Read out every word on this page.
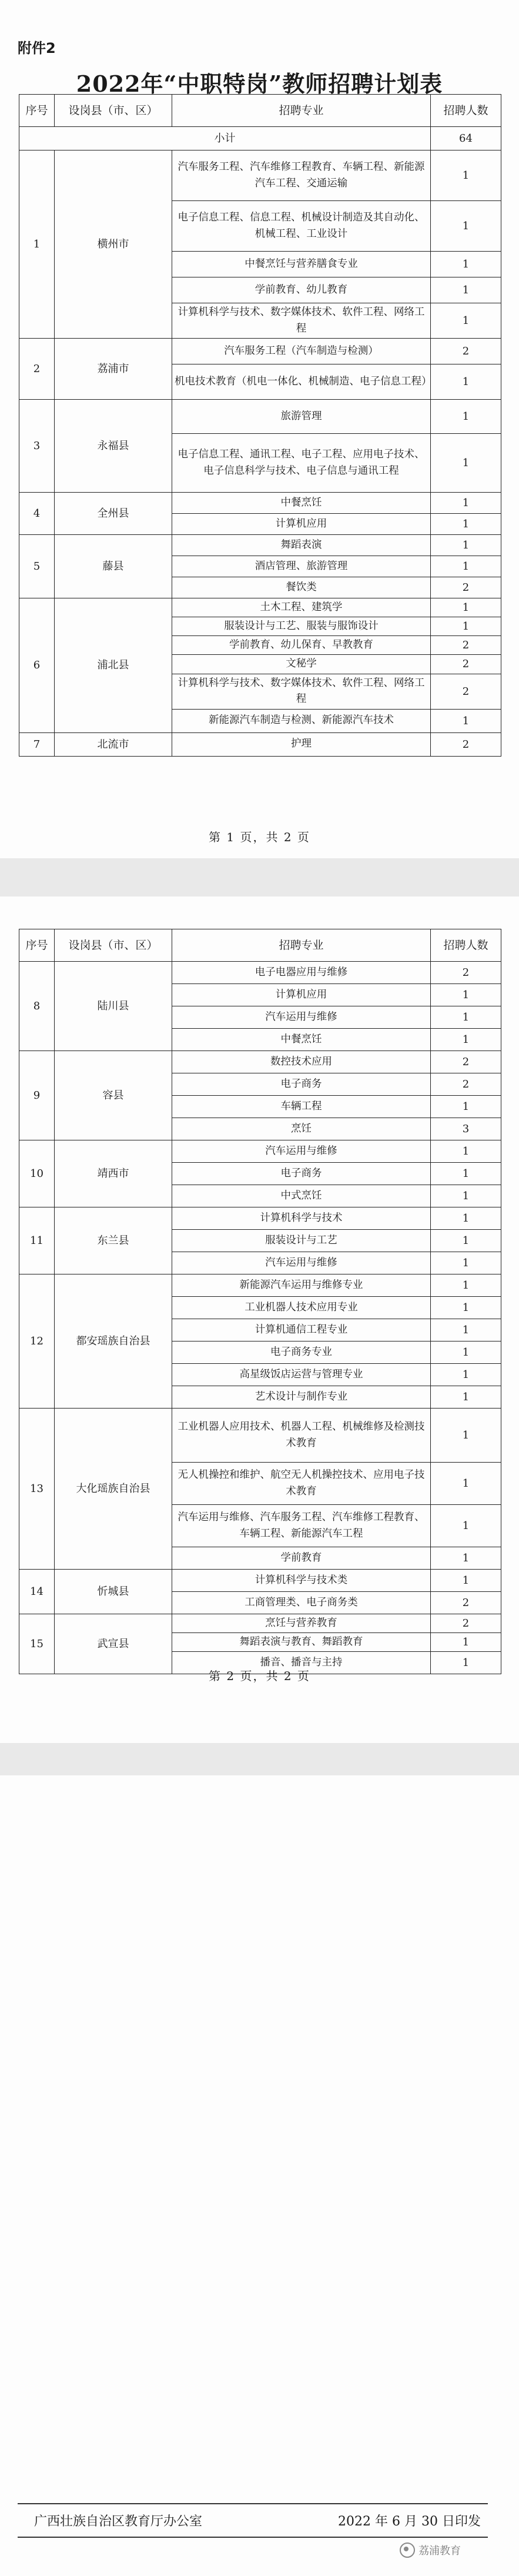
附件2
2022年“中职特岗”教师招聘计划表
序号	设岗县（市、区）	招聘专业	招聘人数
小计			64
1	横州市	汽车服务工程、汽车维修工程教育、车辆工程、新能源汽车工程、交通运输	1
		电子信息工程、信息工程、机械设计制造及其自动化、机械工程、工业设计	1
		中餐烹饪与营养膳食专业	1
		学前教育、幼儿教育	1
		计算机科学与技术、数字媒体技术、软件工程、网络工程	1
2	荔浦市	汽车服务工程（汽车制造与检测）	2
		机电技术教育（机电一体化、机械制造、电子信息工程）	1
3	永福县	旅游管理	1
		电子信息工程、通讯工程、电子工程、应用电子技术、电子信息科学与技术、电子信息与通讯工程	1
4	全州县	中餐烹饪	1
		计算机应用	1
5	藤县	舞蹈表演	1
		酒店管理、旅游管理	1
		餐饮类	2
6	浦北县	土木工程、建筑学	1
		服装设计与工艺、服装与服饰设计	1
		学前教育、幼儿保育、早教教育	2
		文秘学	2
		计算机科学与技术、数字媒体技术、软件工程、网络工程	2
		新能源汽车制造与检测、新能源汽车技术	1
7	北流市	护理	2
第 1 页，共 2 页
序号	设岗县（市、区）	招聘专业	招聘人数
8	陆川县	电子电器应用与维修	2
		计算机应用	1
		汽车运用与维修	1
		中餐烹饪	1
9	容县	数控技术应用	2
		电子商务	2
		车辆工程	1
		烹饪	3
10	靖西市	汽车运用与维修	1
		电子商务	1
		中式烹饪	1
11	东兰县	计算机科学与技术	1
		服装设计与工艺	1
		汽车运用与维修	1
12	都安瑶族自治县	新能源汽车运用与维修专业	1
		工业机器人技术应用专业	1
		计算机通信工程专业	1
		电子商务专业	1
		高星级饭店运营与管理专业	1
		艺术设计与制作专业	1
13	大化瑶族自治县	工业机器人应用技术、机器人工程、机械维修及检测技术教育	1
		无人机操控和维护、航空无人机操控技术、应用电子技术教育	1
		汽车运用与维修、汽车服务工程、汽车维修工程教育、车辆工程、新能源汽车工程	1
		学前教育	1
14	忻城县	计算机科学与技术类	1
		工商管理类、电子商务类	2
15	武宣县	烹饪与营养教育	2
		舞蹈表演与教育、舞蹈教育	1
		播音、播音与主持	1
第 2 页，共 2 页
广西壮族自治区教育厅办公室	2022 年 6 月 30 日印发
荔浦教育
